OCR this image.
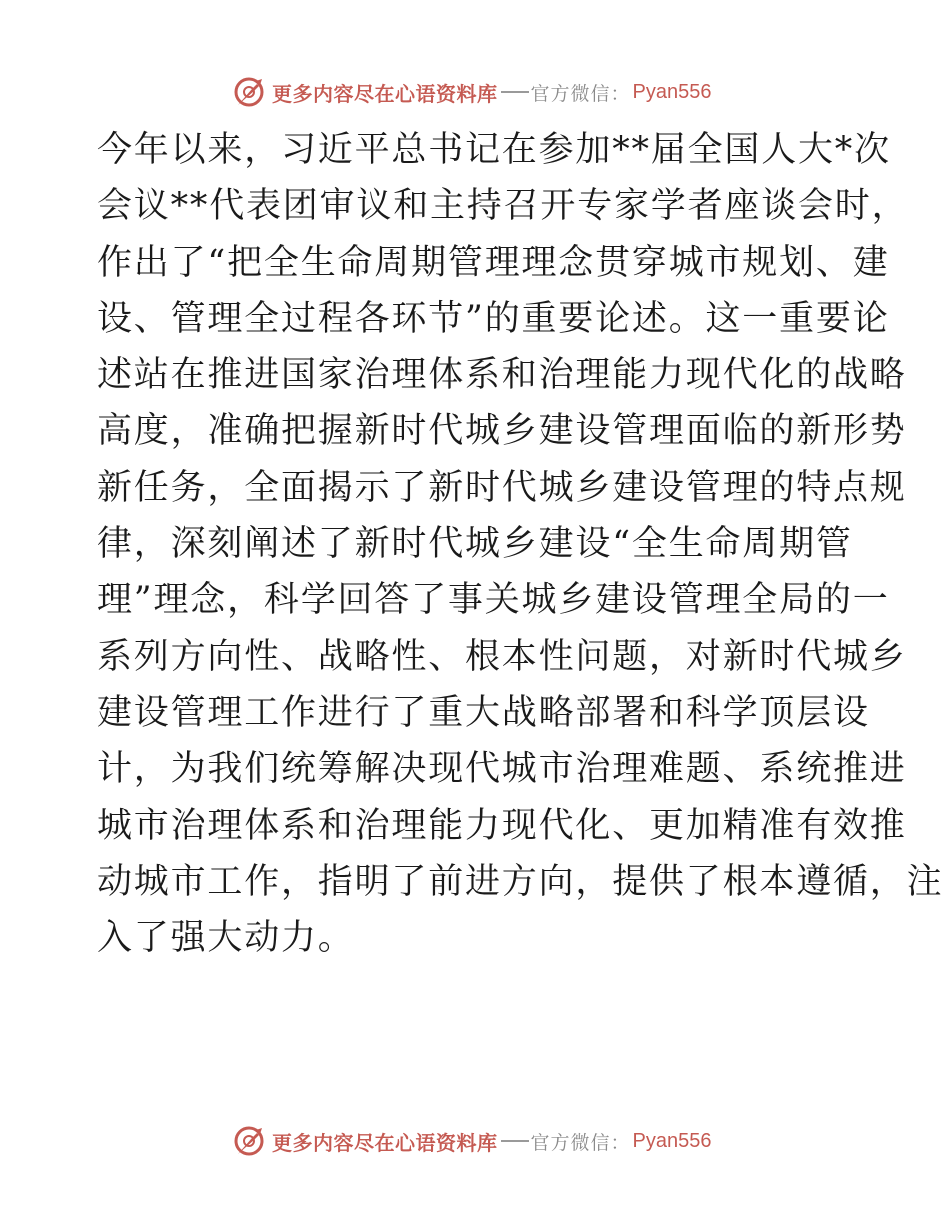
更多内容尽在心语资料库 官方微信： Pyan556
今年以来，习近平总书记在参加**届全国人大*次
会议**代表团审议和主持召开专家学者座谈会时，
作出了“把全生命周期管理理念贯穿城市规划、建
设、管理全过程各环节”的重要论述。这一重要论
述站在推进国家治理体系和治理能力现代化的战略
高度，准确把握新时代城乡建设管理面临的新形势
新任务，全面揭示了新时代城乡建设管理的特点规
律，深刻阐述了新时代城乡建设“全生命周期管
理”理念，科学回答了事关城乡建设管理全局的一
系列方向性、战略性、根本性问题，对新时代城乡
建设管理工作进行了重大战略部署和科学顶层设
计，为我们统筹解决现代城市治理难题、系统推进
城市治理体系和治理能力现代化、更加精准有效推
动城市工作，指明了前进方向，提供了根本遵循，注
入了强大动力。
更多内容尽在心语资料库 官方微信： Pyan556
